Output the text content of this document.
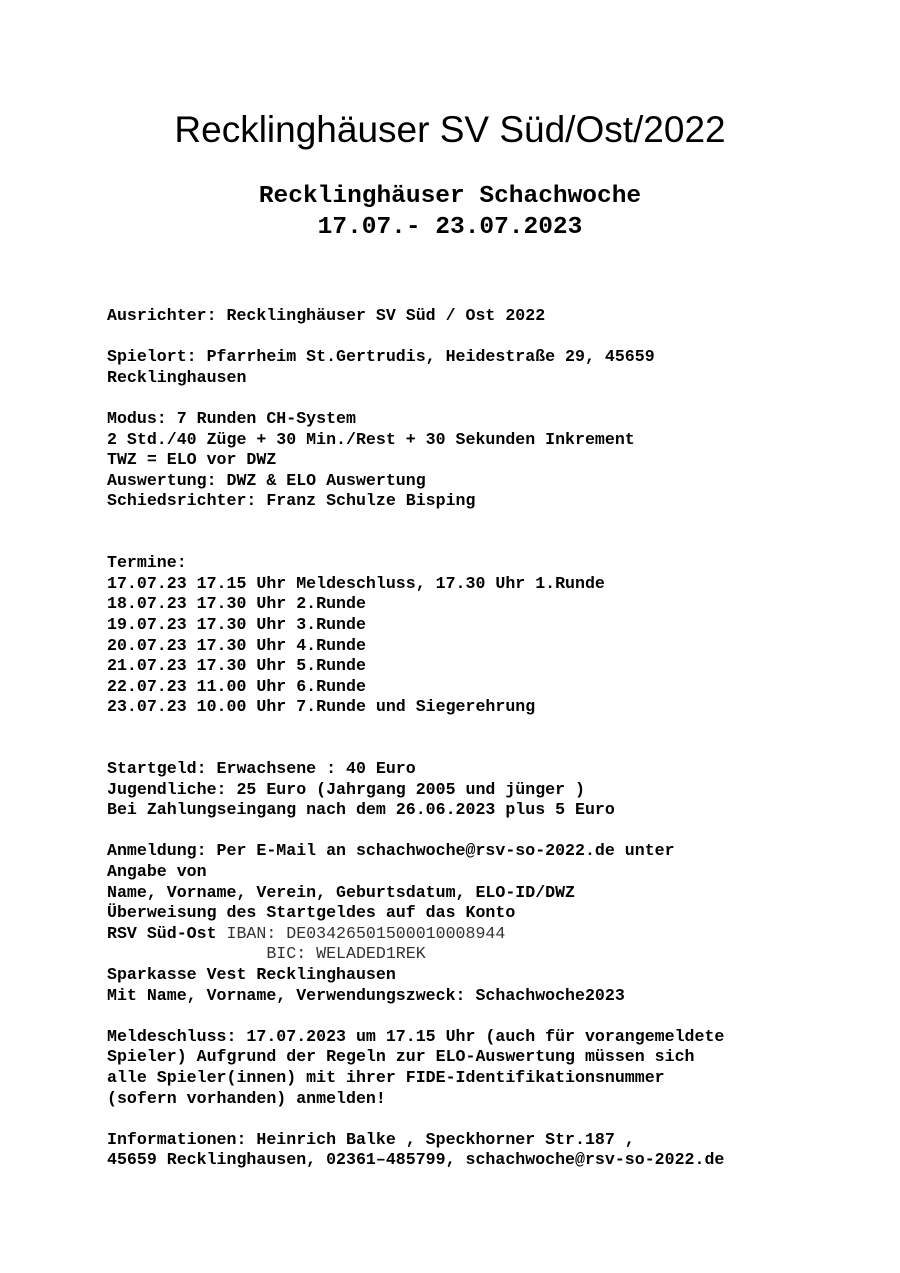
Recklinghäuser SV Süd/Ost/2022
Recklinghäuser Schachwoche
17.07.- 23.07.2023
Ausrichter: Recklinghäuser SV Süd / Ost 2022
Spielort: Pfarrheim St.Gertrudis, Heidestraße 29, 45659
Recklinghausen
Modus: 7 Runden CH-System
2 Std./40 Züge + 30 Min./Rest + 30 Sekunden Inkrement
TWZ = ELO vor DWZ
Auswertung: DWZ & ELO Auswertung
Schiedsrichter: Franz Schulze Bisping
Termine:
17.07.23 17.15 Uhr Meldeschluss, 17.30 Uhr 1.Runde
18.07.23 17.30 Uhr 2.Runde
19.07.23 17.30 Uhr 3.Runde
20.07.23 17.30 Uhr 4.Runde
21.07.23 17.30 Uhr 5.Runde
22.07.23 11.00 Uhr 6.Runde
23.07.23 10.00 Uhr 7.Runde und Siegerehrung
Startgeld: Erwachsene : 40 Euro
Jugendliche: 25 Euro (Jahrgang 2005 und jünger )
Bei Zahlungseingang nach dem 26.06.2023 plus 5 Euro
Anmeldung: Per E-Mail an schachwoche@rsv-so-2022.de unter
Angabe von
Name, Vorname, Verein, Geburtsdatum, ELO-ID/DWZ
Überweisung des Startgeldes auf das Konto
RSV Süd-Ost IBAN: DE03426501500010008944
BIC: WELADED1REK
Sparkasse Vest Recklinghausen
Mit Name, Vorname, Verwendungszweck: Schachwoche2023
Meldeschluss: 17.07.2023 um 17.15 Uhr (auch für vorangemeldete
Spieler) Aufgrund der Regeln zur ELO-Auswertung müssen sich
alle Spieler(innen) mit ihrer FIDE-Identifikationsnummer
(sofern vorhanden) anmelden!
Informationen: Heinrich Balke , Speckhorner Str.187 ,
45659 Recklinghausen, 02361–485799, schachwoche@rsv-so-2022.de
